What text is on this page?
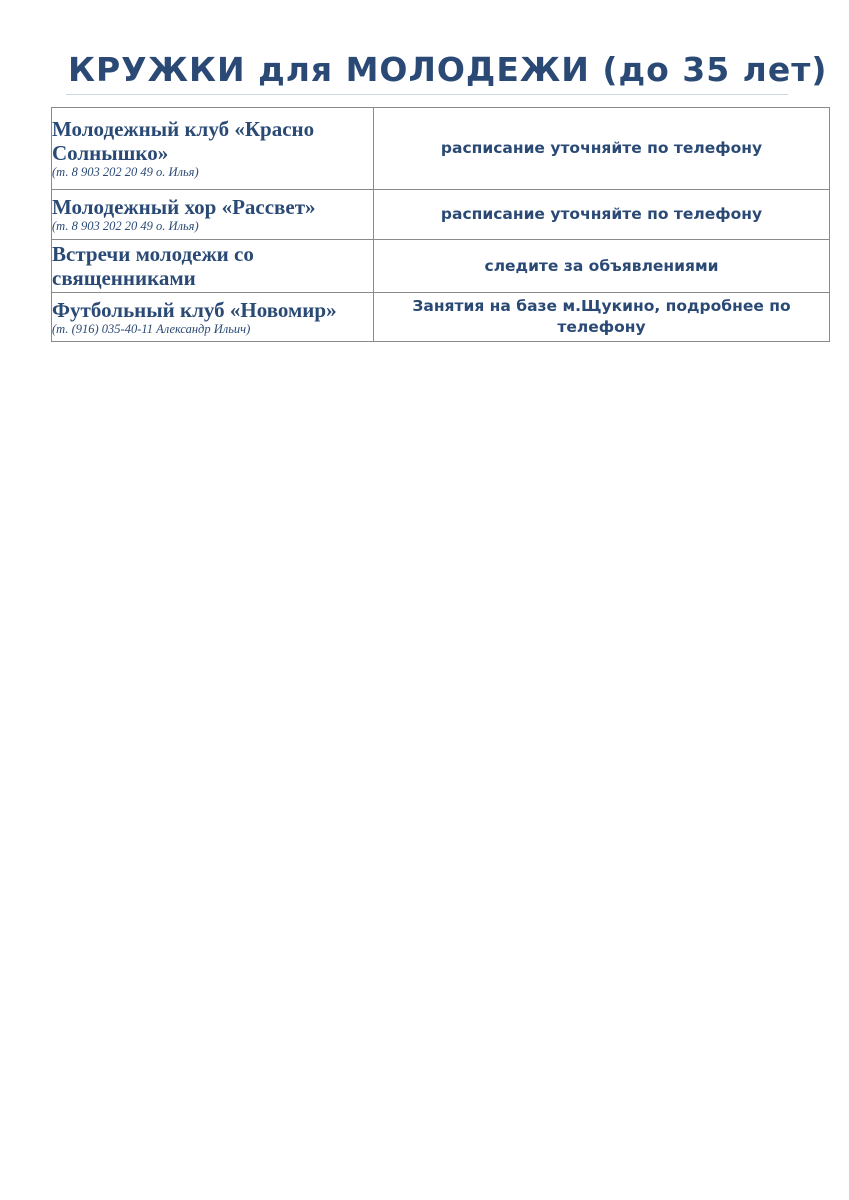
КРУЖКИ для МОЛОДЕЖИ (до 35 лет)
Молодежный клуб «Красно Солнышко»
(т. 8 903 202 20 49 о. Илья)	расписание уточняйте по телефону

Молодежный хор «Рассвет»
(т. 8 903 202 20 49 о. Илья)	расписание уточняйте по телефону

Встречи молодежи со священниками	следите за объявлениями

Футбольный клуб «Новомир»
(т. (916) 035-40-11 Александр Ильич)	Занятия на базе м.Щукино, подробнее по телефону
